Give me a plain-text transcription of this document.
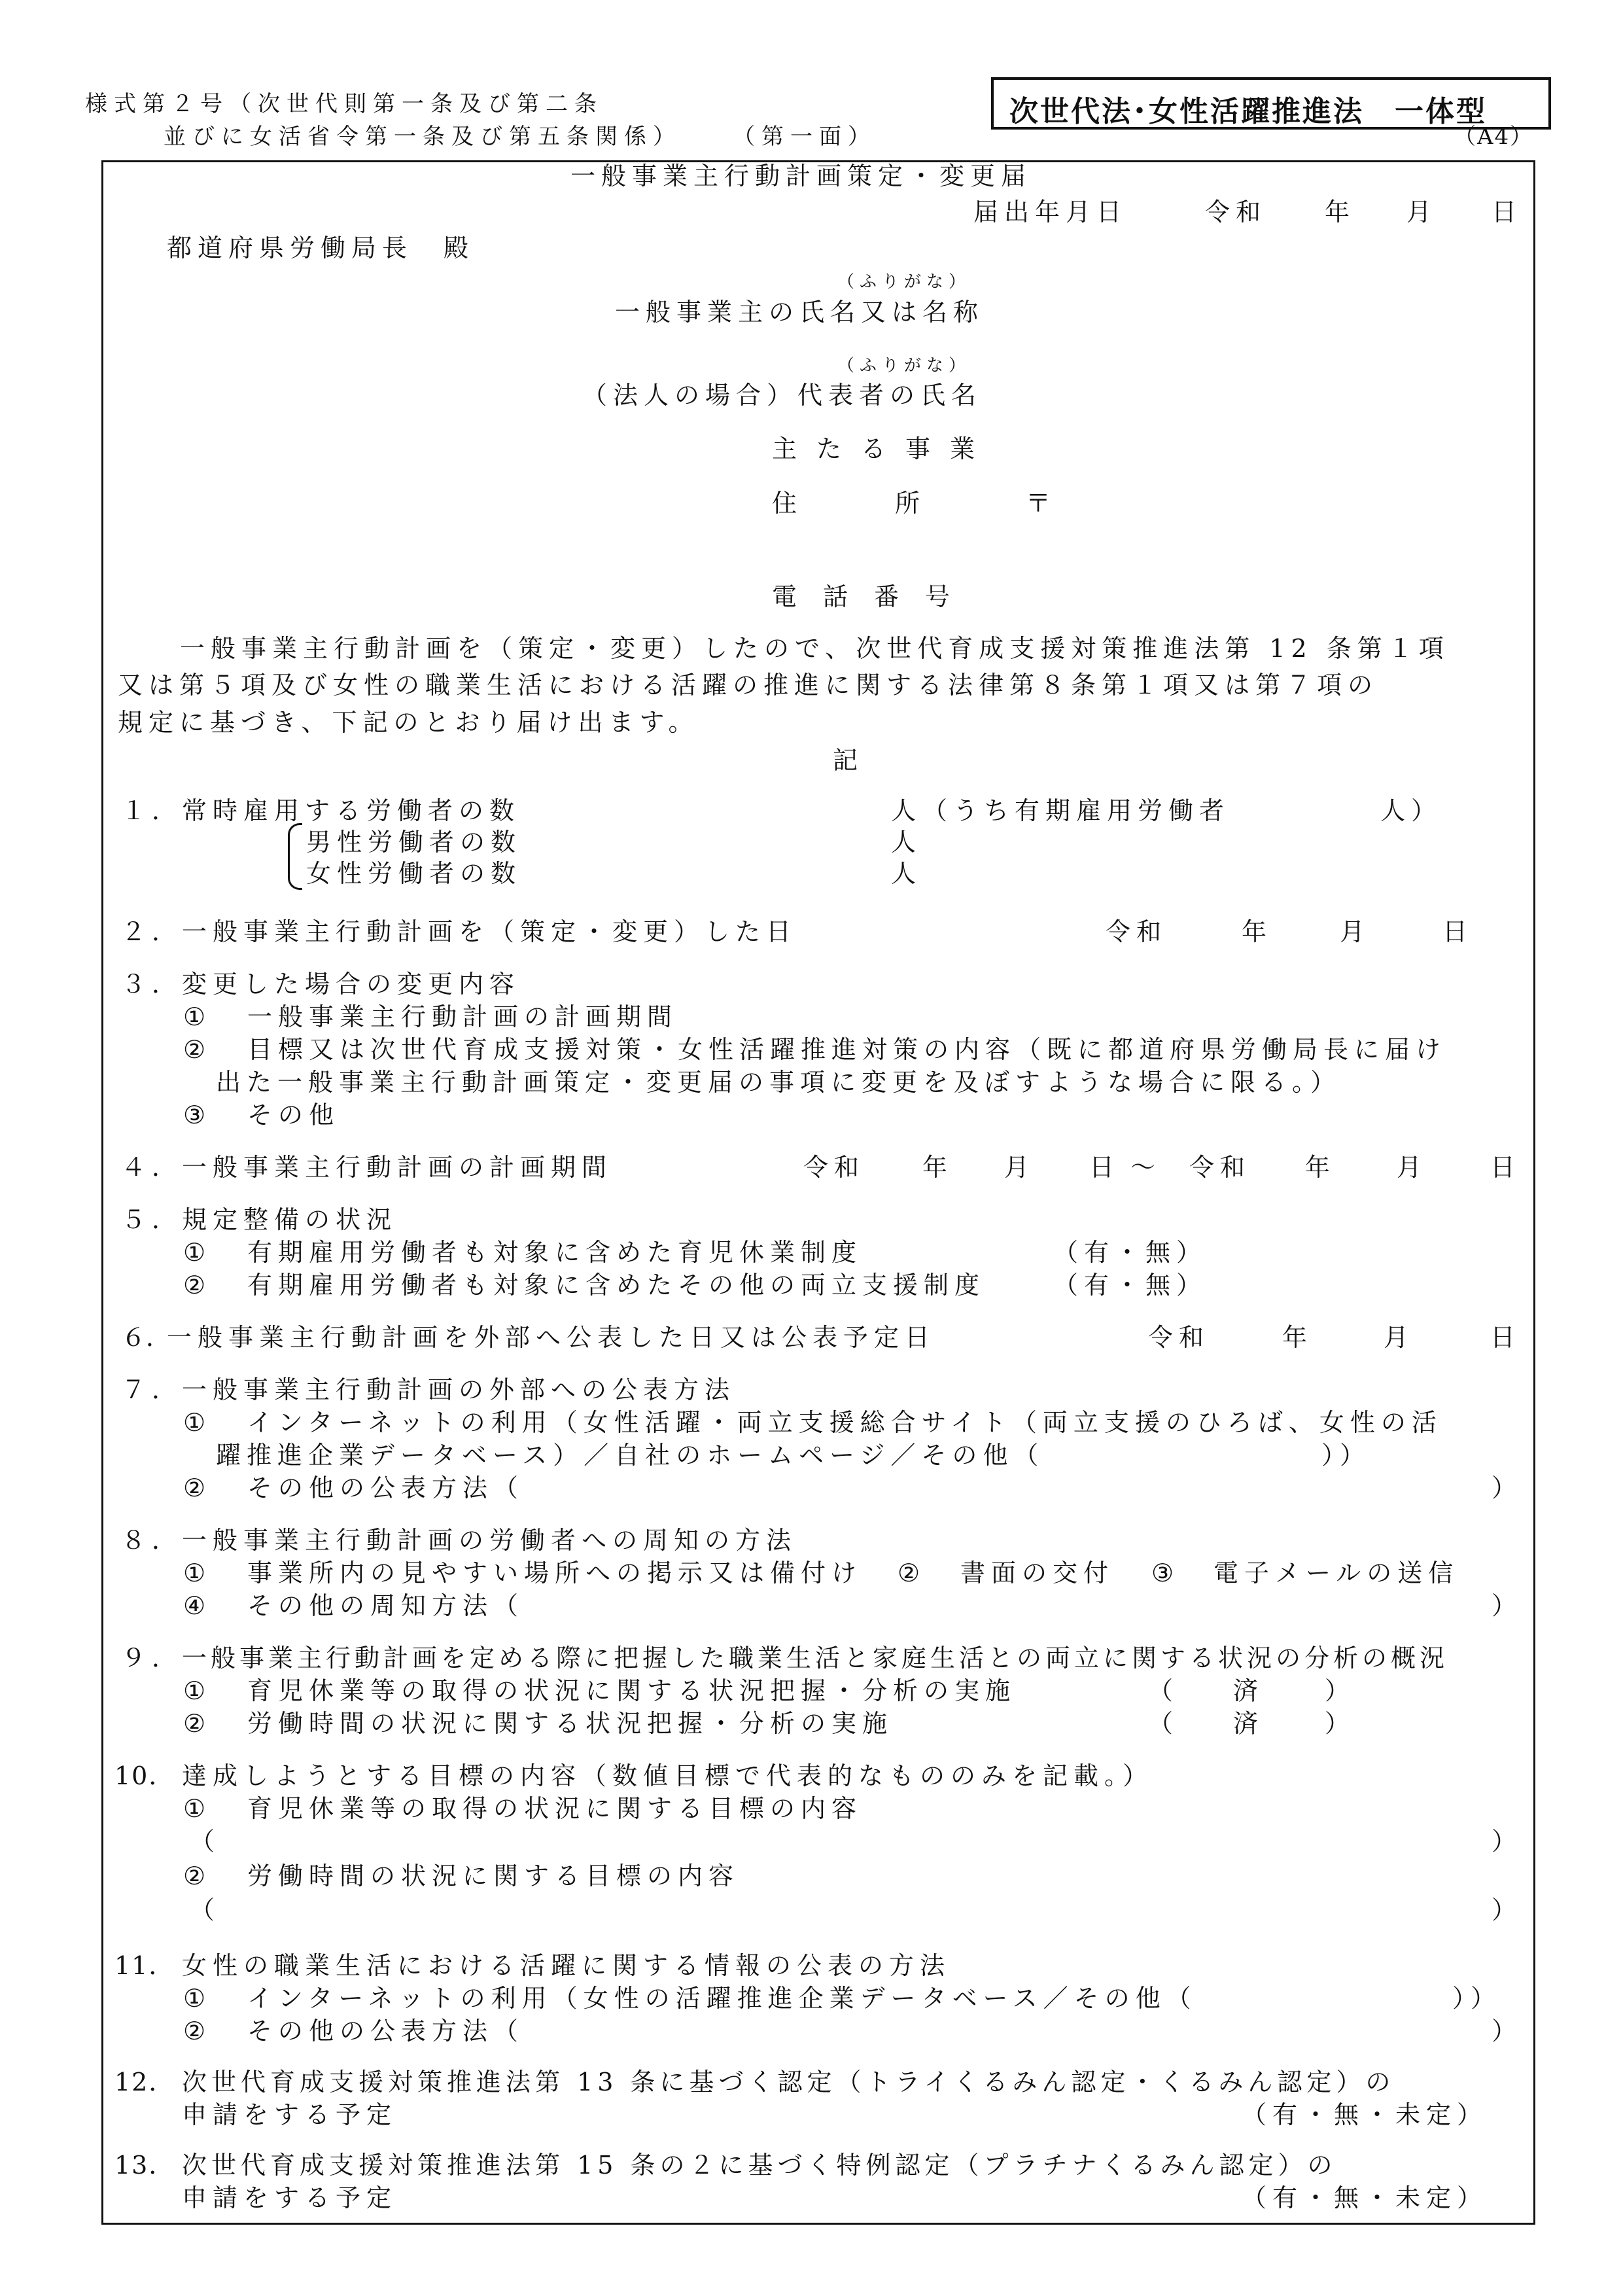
様式第２号（次世代則第一条及び第二条
並びに女活省令第一条及び第五条関係） （第一面）
次世代法･女性活躍推進法　一体型
（A4）
一般事業主行動計画策定・変更届
届出年月日	令和 年 月 日
都道府県労働局長　殿
（ふりがな）
一般事業主の氏名又は名称
（ふりがな）
（法人の場合）代表者の氏名
主たる事業
住　　　所	〒
電話番号
一般事業主行動計画を（策定・変更）したので、次世代育成支援対策推進法第 12 条第１項
又は第５項及び女性の職業生活における活躍の推進に関する法律第８条第１項又は第７項の
規定に基づき、下記のとおり届け出ます。
記
１．
常時雇用する労働者の数	人 （うち有期雇用労働者	人）
男性労働者の数	人
女性労働者の数	人
２．
一般事業主行動計画を（策定・変更）した日	令和	年	月	日
３．
変更した場合の変更内容
① 一般事業主行動計画の計画期間
② 目標又は次世代育成支援対策・女性活躍推進対策の内容（既に都道府県労働局長に届け
出た一般事業主行動計画策定・変更届の事項に変更を及ぼすような場合に限る。）
③ その他
４．
一般事業主行動計画の計画期間	令和 年 月 日 ～ 令和 年 月	日
５．
規定整備の状況
① 有期雇用労働者も対象に含めた育児休業制度	（有・無）
② 有期雇用労働者も対象に含めたその他の両立支援制度	（有・無）
６．
一般事業主行動計画を外部へ公表した日又は公表予定日	令和	年	月	日
７．
一般事業主行動計画の外部への公表方法
① インターネットの利用（女性活躍・両立支援総合サイト（両立支援のひろば、女性の活
躍推進企業データベース）／自社のホームページ／その他（	））
② その他の公表方法（	）
８．
一般事業主行動計画の労働者への周知の方法
① 事業所内の見やすい場所への掲示又は備付け ② 書面の交付 ③ 電子メールの送信
④ その他の周知方法（	）
９．
一般事業主行動計画を定める際に把握した職業生活と家庭生活との両立に関する状況の分析の概況
① 育児休業等の取得の状況に関する状況把握・分析の実施	（ 済 ）
② 労働時間の状況に関する状況把握・分析の実施	（ 済 ）
10． 達成しようとする目標の内容（数値目標で代表的なもののみを記載。）
① 育児休業等の取得の状況に関する目標の内容
（	）
② 労働時間の状況に関する目標の内容
（	）
11． 女性の職業生活における活躍に関する情報の公表の方法
① インターネットの利用（女性の活躍推進企業データベース／その他（	））
② その他の公表方法（	）
12． 次世代育成支援対策推進法第 13 条に基づく認定（トライくるみん認定・くるみん認定）の
申請をする予定	（有・無・未定）
13． 次世代育成支援対策推進法第 15 条の２に基づく特例認定（プラチナくるみん認定）の
申請をする予定	（有・無・未定）
